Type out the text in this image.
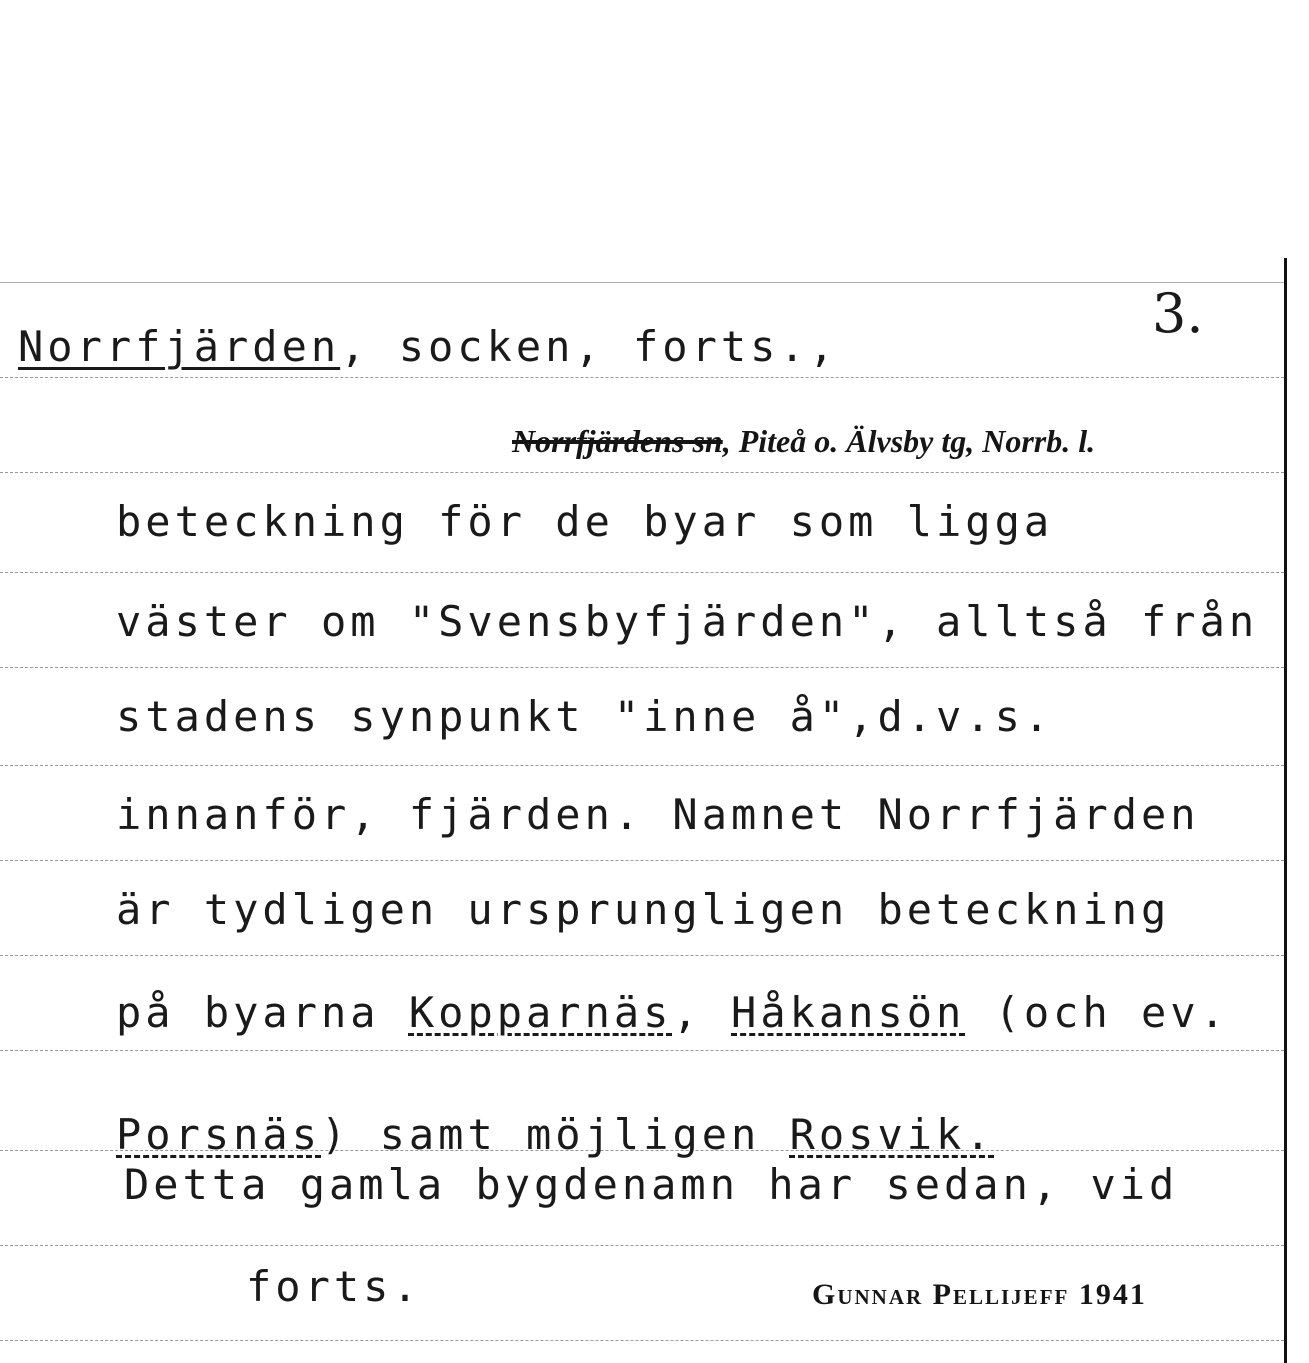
Norrfjärden, socken, forts.,
3.
Norrfjärdens sn, Piteå o. Älvsby tg, Norrb. l.
beteckning för de byar som ligga
väster om "Svensbyfjärden", alltså från
stadens synpunkt "inne å",d.v.s.
innanför, fjärden. Namnet Norrfjärden
är tydligen ursprungligen beteckning
på byarna Kopparnäs, Håkansön (och ev.
Porsnäs) samt möjligen Rosvik.
Detta gamla bygdenamn har sedan, vid
forts.	Gunnar Pellijeff 1941
